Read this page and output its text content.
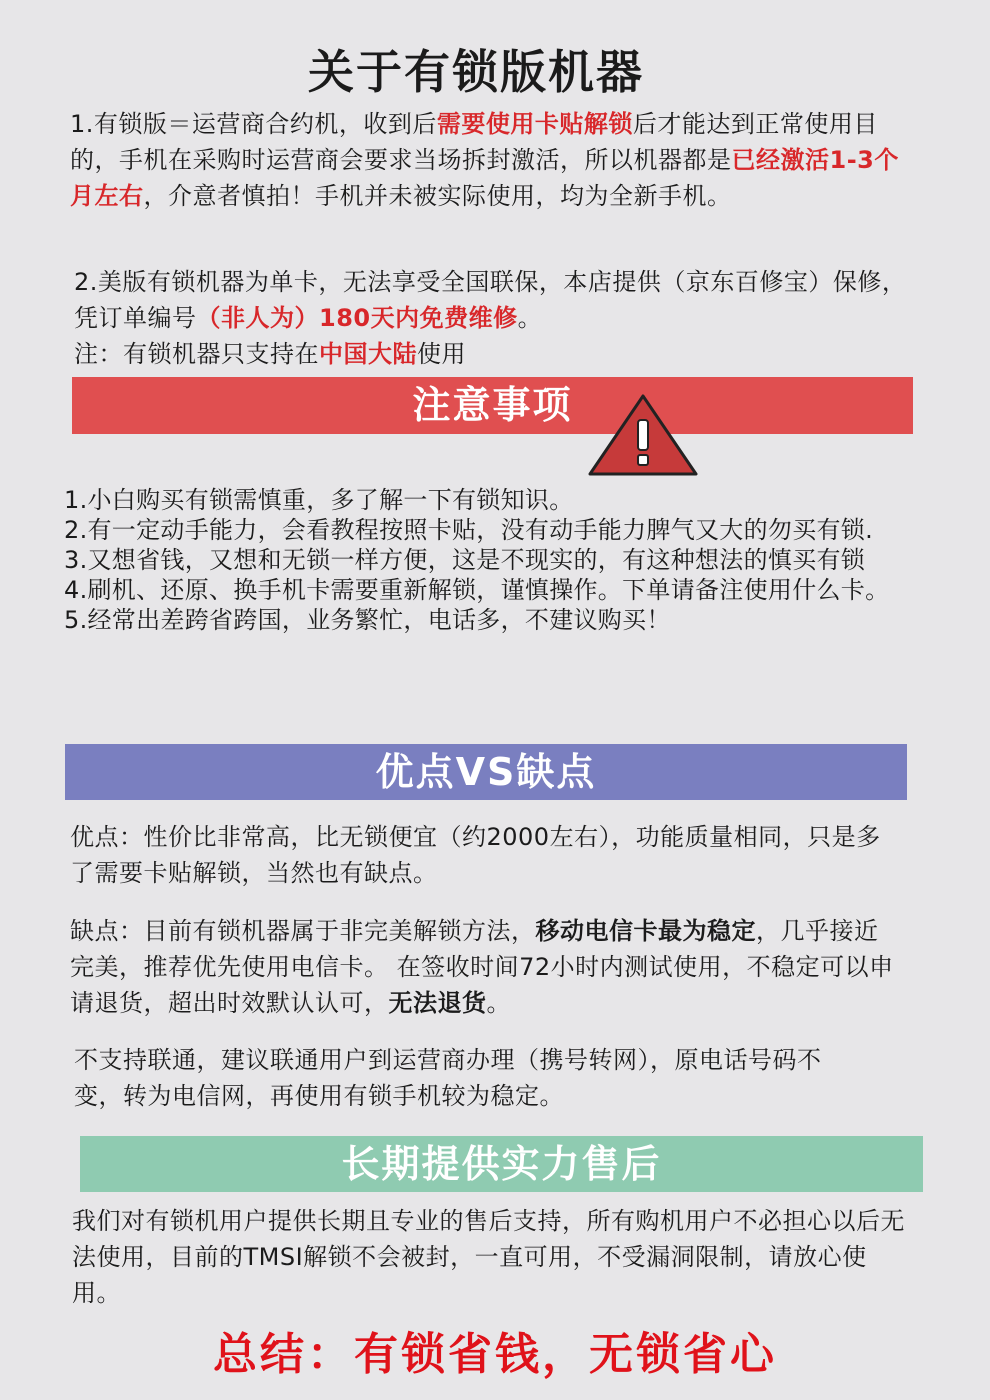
关于有锁版机器

1.有锁版＝运营商合约机，收到后需要使用卡贴解锁后才能达到正常使用目的，手机在采购时运营商会要求当场拆封激活，所以机器都是已经激活1-3个月左右，介意者慎拍！手机并未被实际使用，均为全新手机。

2.美版有锁机器为单卡，无法享受全国联保，本店提供（京东百修宝）保修，凭订单编号（非人为）180天内免费维修。

注：有锁机器只支持在中国大陆使用

注意事项

1.小白购买有锁需慎重，多了解一下有锁知识。

2.有一定动手能力，会看教程按照卡贴，没有动手能力脾气又大的勿买有锁.

3.又想省钱，又想和无锁一样方便，这是不现实的，有这种想法的慎买有锁

4.刷机、还原、换手机卡需要重新解锁，谨慎操作。下单请备注使用什么卡。

5.经常出差跨省跨国，业务繁忙，电话多，不建议购买！

优点VS缺点

优点：性价比非常高，比无锁便宜（约2000左右），功能质量相同，只是多了需要卡贴解锁，当然也有缺点。

缺点：目前有锁机器属于非完美解锁方法，移动电信卡最为稳定，几乎接近完美，推荐优先使用电信卡。 在签收时间72小时内测试使用，不稳定可以申请退货，超出时效默认认可，无法退货。

不支持联通，建议联通用户到运营商办理（携号转网），原电话号码不变，转为电信网，再使用有锁手机较为稳定。

长期提供实力售后

我们对有锁机用户提供长期且专业的售后支持，所有购机用户不必担心以后无法使用，目前的TMSI解锁不会被封，一直可用，不受漏洞限制，请放心使用。

总结：有锁省钱，无锁省心
